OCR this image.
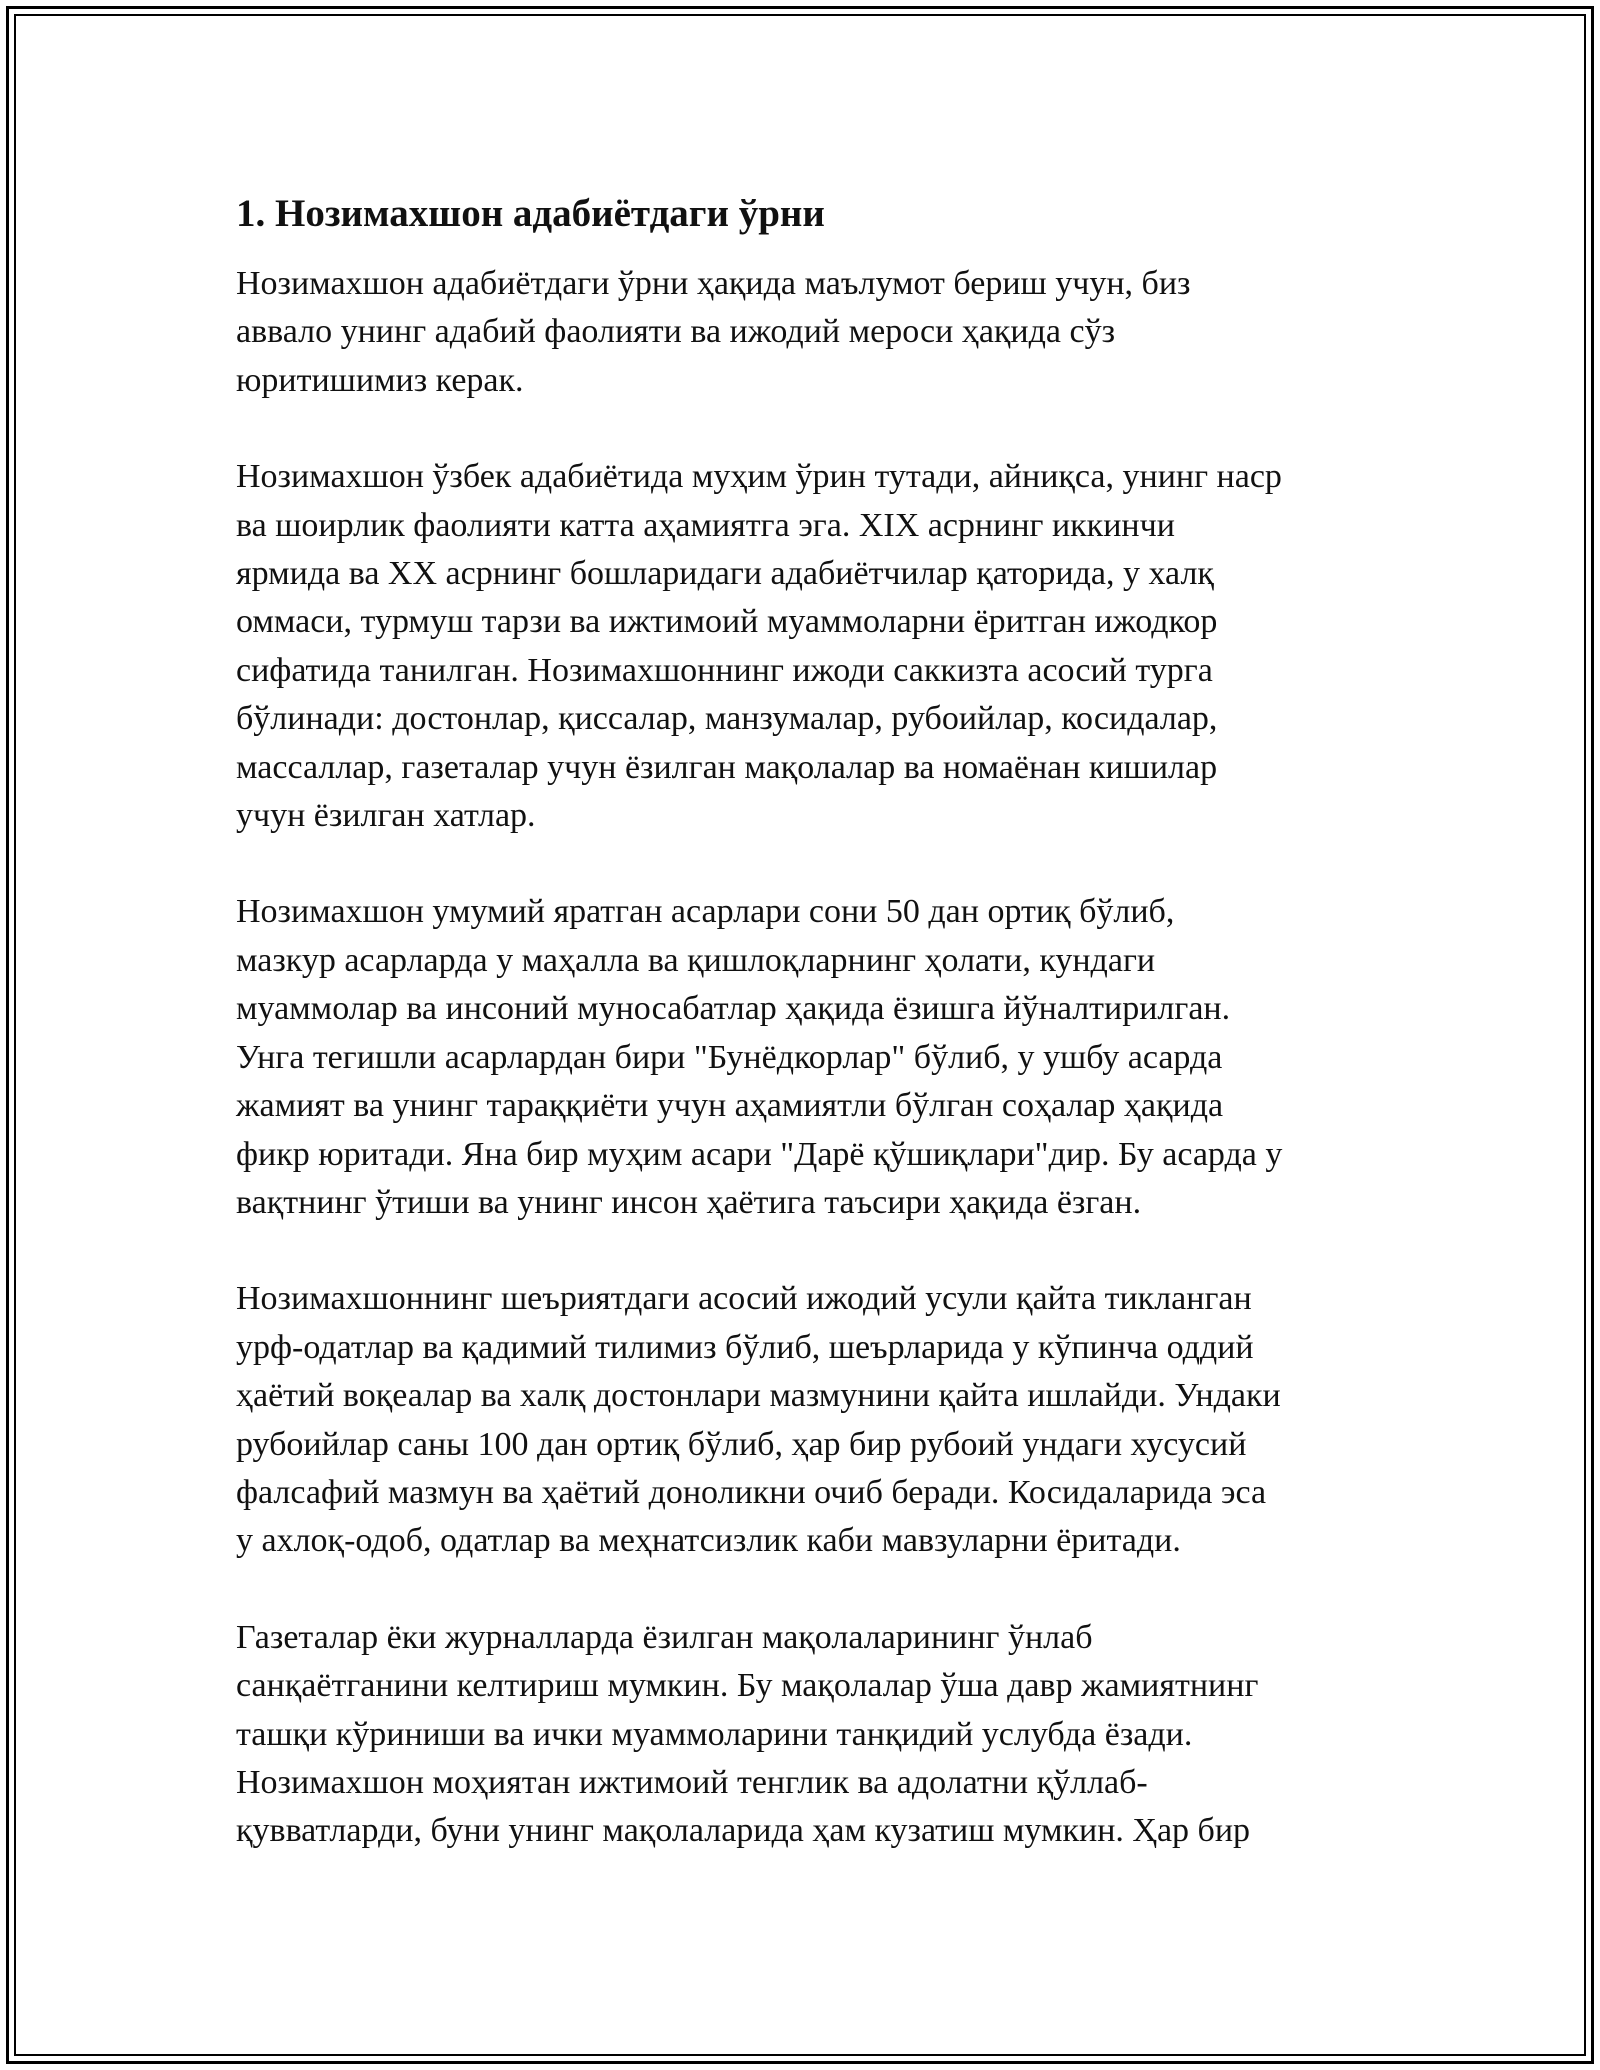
1. Нозимахшон адабиётдаги ўрни
Нозимахшон адабиётдаги ўрни ҳақида маълумот бериш учун, биз
аввало унинг адабий фаолияти ва ижодий мероси ҳақида сўз
юритишимиз керак.
Нозимахшон ўзбек адабиётида муҳим ўрин тутади, айниқса, унинг наср
ва шоирлик фаолияти катта аҳамиятга эга. XIX асрнинг иккинчи
ярмида ва XX асрнинг бошларидаги адабиётчилар қаторида, у халқ
оммаси, турмуш тарзи ва ижтимоий муаммоларни ёритган ижодкор
сифатида танилган. Нозимахшоннинг ижоди саккизта асосий турга
бўлинади: достонлар, қиссалар, манзумалар, рубоийлар, косидалар,
массаллар, газеталар учун ёзилган мақолалар ва номаёнан кишилар
учун ёзилган хатлар.
Нозимахшон умумий яратган асарлари сони 50 дан ортиқ бўлиб,
мазкур асарларда у маҳалла ва қишлоқларнинг ҳолати, кундаги
муаммолар ва инсоний муносабатлар ҳақида ёзишга йўналтирилган.
Унга тегишли асарлардан бири "Бунёдкорлар" бўлиб, у ушбу асарда
жамият ва унинг тараққиёти учун аҳамиятли бўлган соҳалар ҳақида
фикр юритади. Яна бир муҳим асари "Дарё қўшиқлари"дир. Бу асарда у
вақтнинг ўтиши ва унинг инсон ҳаётига таъсири ҳақида ёзган.
Нозимахшоннинг шеъриятдаги асосий ижодий усули қайта тикланган
урф-одатлар ва қадимий тилимиз бўлиб, шеърларида у кўпинча оддий
ҳаётий воқеалар ва халқ достонлари мазмунини қайта ишлайди. Ундаки
рубоийлар саны 100 дан ортиқ бўлиб, ҳар бир рубоий ундаги хусусий
фалсафий мазмун ва ҳаётий доноликни очиб беради. Косидаларида эса
у ахлоқ-одоб, одатлар ва меҳнатсизлик каби мавзуларни ёритади.
Газеталар ёки журналларда ёзилган мақолаларининг ўнлаб
санқаётганини келтириш мумкин. Бу мақолалар ўша давр жамиятнинг
ташқи кўриниши ва ички муаммоларини танқидий услубда ёзади.
Нозимахшон моҳиятан ижтимоий тенглик ва адолатни қўллаб-
қувватларди, буни унинг мақолаларида ҳам кузатиш мумкин. Ҳар бир
